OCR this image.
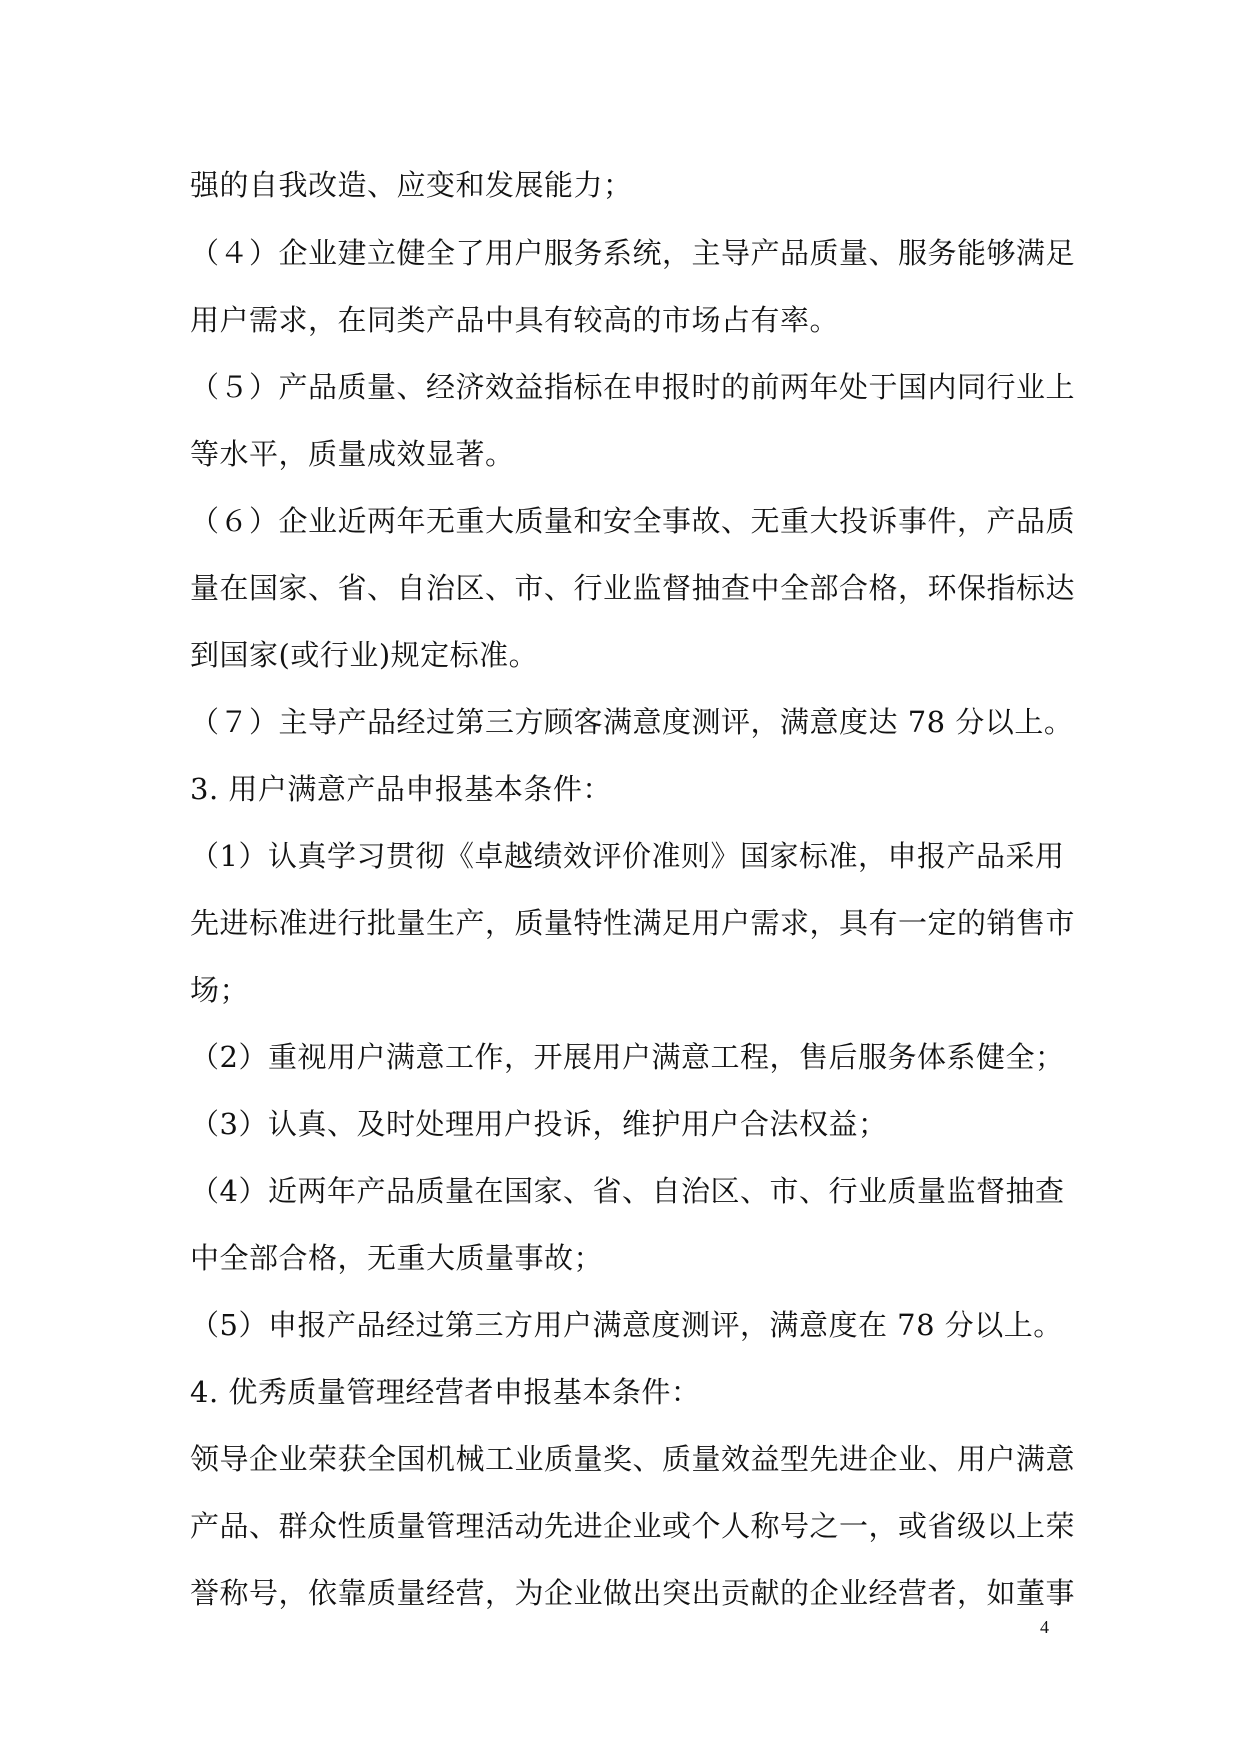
强的自我改造、应变和发展能力；
（４）企业建立健全了用户服务系统，主导产品质量、服务能够满足
用户需求，在同类产品中具有较高的市场占有率。
（５）产品质量、经济效益指标在申报时的前两年处于国内同行业上
等水平，质量成效显著。
（６）企业近两年无重大质量和安全事故、无重大投诉事件，产品质
量在国家、省、自治区、市、行业监督抽查中全部合格，环保指标达
到国家(或行业)规定标准。
（７）主导产品经过第三方顾客满意度测评，满意度达 78 分以上。
3. 用户满意产品申报基本条件：
（1）认真学习贯彻《卓越绩效评价准则》国家标准，申报产品采用
先进标准进行批量生产，质量特性满足用户需求，具有一定的销售市
场；
（2）重视用户满意工作，开展用户满意工程，售后服务体系健全；
（3）认真、及时处理用户投诉，维护用户合法权益；
（4）近两年产品质量在国家、省、自治区、市、行业质量监督抽查
中全部合格，无重大质量事故；
（5）申报产品经过第三方用户满意度测评，满意度在 78 分以上。
4. 优秀质量管理经营者申报基本条件：
领导企业荣获全国机械工业质量奖、质量效益型先进企业、用户满意
产品、群众性质量管理活动先进企业或个人称号之一，或省级以上荣
誉称号，依靠质量经营，为企业做出突出贡献的企业经营者，如董事
4
